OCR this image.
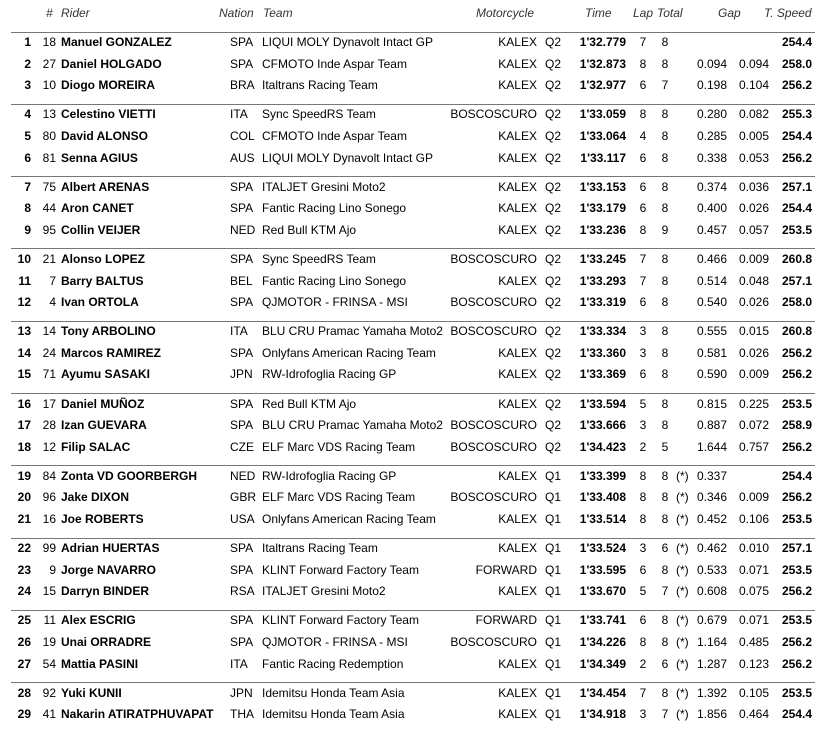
# Rider	Nation Team	Motorcycle	Time Lap Total	Gap T. Speed
1 18 Manuel GONZALEZ	SPA LIQUI MOLY Dynavolt Intact GP	KALEX Q2	1'32.779 7 8	254.4
2 27 Daniel HOLGADO	SPA CFMOTO Inde Aspar Team	KALEX Q2	1'32.873 8 8	0.094 0.094	258.0
3 10 Diogo MOREIRA	BRA Italtrans Racing Team	KALEX Q2	1'32.977 6 7	0.198 0.104	256.2
4 13 Celestino VIETTI	ITA Sync SpeedRS Team	BOSCOSCURO Q2	1'33.059 8 8	0.280 0.082	255.3
5 80 David ALONSO	COL CFMOTO Inde Aspar Team	KALEX Q2	1'33.064 4 8	0.285 0.005	254.4
6 81 Senna AGIUS	AUS LIQUI MOLY Dynavolt Intact GP	KALEX Q2	1'33.117 6 8	0.338 0.053	256.2
7 75 Albert ARENAS	SPA ITALJET Gresini Moto2	KALEX Q2	1'33.153 6 8	0.374 0.036	257.1
8 44 Aron CANET	SPA Fantic Racing Lino Sonego	KALEX Q2	1'33.179 6 8	0.400 0.026	254.4
9 95 Collin VEIJER	NED Red Bull KTM Ajo	KALEX Q2	1'33.236 8 9	0.457 0.057	253.5
10 21 Alonso LOPEZ	SPA Sync SpeedRS Team	BOSCOSCURO Q2	1'33.245 7 8	0.466 0.009	260.8
11	7 Barry BALTUS	BEL Fantic Racing Lino Sonego	KALEX Q2	1'33.293 7 8	0.514 0.048	257.1
12	4 Ivan ORTOLA	SPA QJMOTOR - FRINSA - MSI	BOSCOSCURO Q2	1'33.319 6 8	0.540 0.026	258.0
13 14 Tony ARBOLINO	ITA BLU CRU Pramac Yamaha Moto2 BOSCOSCURO Q2	1'33.334 3 8	0.555 0.015	260.8
14 24 Marcos RAMIREZ	SPA Onlyfans American Racing Team	KALEX Q2	1'33.360 3 8	0.581 0.026	256.2
15 71 Ayumu SASAKI	JPN RW-Idrofoglia Racing GP	KALEX Q2	1'33.369 6 8	0.590 0.009	256.2
16 17 Daniel MUÑOZ	SPA Red Bull KTM Ajo	KALEX Q2	1'33.594 5 8	0.815 0.225	253.5
17 28 Izan GUEVARA	SPA BLU CRU Pramac Yamaha Moto2 BOSCOSCURO Q2	1'33.666 3 8	0.887 0.072	258.9
18 12 Filip SALAC	CZE ELF Marc VDS Racing Team	BOSCOSCURO Q2	1'34.423 2 5	1.644 0.757	256.2
19 84 Zonta VD GOORBERGH	NED RW-Idrofoglia Racing GP	KALEX Q1	1'33.399 8 8 (*) 0.337	254.4
20 96 Jake DIXON	GBR ELF Marc VDS Racing Team	BOSCOSCURO Q1	1'33.408 8 8 (*) 0.346 0.009	256.2
21 16 Joe ROBERTS	USA Onlyfans American Racing Team	KALEX Q1	1'33.514 8 8 (*) 0.452 0.106	253.5
22 99 Adrian HUERTAS	SPA Italtrans Racing Team	KALEX Q1	1'33.524 3 6 (*) 0.462 0.010	257.1
23	9 Jorge NAVARRO	SPA KLINT Forward Factory Team	FORWARD Q1	1'33.595 6 8 (*) 0.533 0.071	253.5
24 15 Darryn BINDER	RSA ITALJET Gresini Moto2	KALEX Q1	1'33.670 5 7 (*) 0.608 0.075	256.2
25	11 Alex ESCRIG	SPA KLINT Forward Factory Team	FORWARD Q1	1'33.741 6 8 (*) 0.679 0.071	253.5
26 19 Unai ORRADRE	SPA QJMOTOR - FRINSA - MSI	BOSCOSCURO Q1	1'34.226 8 8 (*) 1.164 0.485	256.2
27 54 Mattia PASINI	ITA Fantic Racing Redemption	KALEX Q1	1'34.349 2 6 (*) 1.287 0.123	256.2
28 92 Yuki KUNII	JPN Idemitsu Honda Team Asia	KALEX Q1	1'34.454 7 8 (*) 1.392 0.105	253.5
29 41 Nakarin ATIRATPHUVAPAT	THA Idemitsu Honda Team Asia	KALEX Q1	1'34.918 3 7 (*) 1.856 0.464	254.4
